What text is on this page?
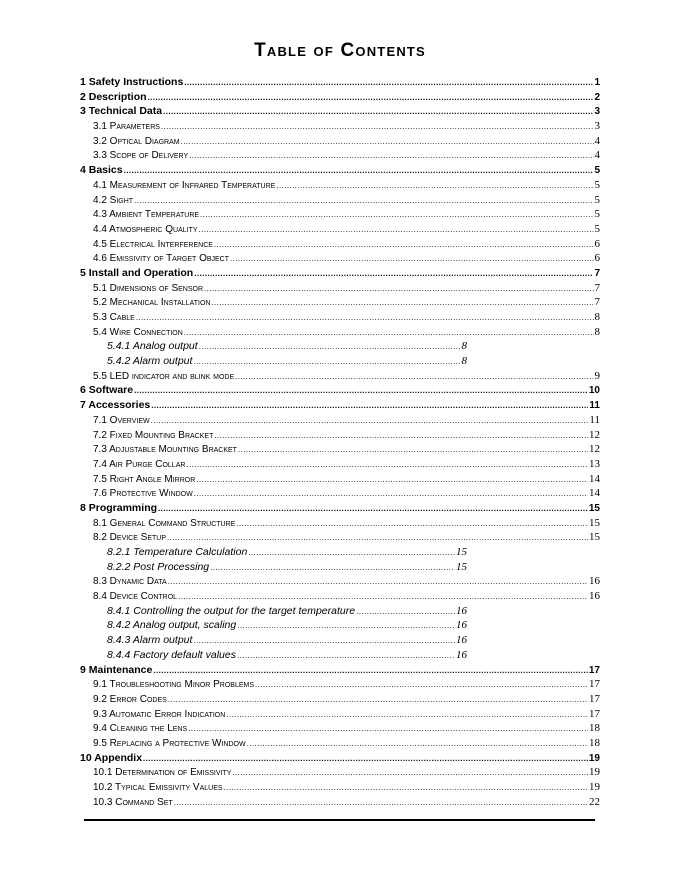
Table of Contents
1 Safety Instructions .....	1
2 Description .....	2
3 Technical Data .....	3
3.1 Parameters .....	3
3.2 Optical Diagram .....	4
3.3 Scope of Delivery .....	4
4 Basics .....	5
4.1 Measurement of Infrared Temperature .....	5
4.2 Sight .....	5
4.3 Ambient Temperature .....	5
4.4 Atmospheric Quality .....	5
4.5 Electrical Interference .....	6
4.6 Emissivity of Target Object .....	6
5 Install and Operation .....	7
5.1 Dimensions of Sensor .....	7
5.2 Mechanical Installation .....	7
5.3 Cable .....	8
5.4 Wire Connection .....	8
5.4.1 Analog output .....	8
5.4.2 Alarm output .....	8
5.5 LED indicator and blink mode .....	9
6 Software .....	10
7 Accessories .....	11
7.1 Overview .....	11
7.2 Fixed Mounting Bracket .....	12
7.3 Adjustable Mounting Bracket .....	12
7.4 Air Purge Collar .....	13
7.5 Right Angle Mirror .....	14
7.6 Protective Window .....	14
8 Programming .....	15
8.1 General Command Structure .....	15
8.2 Device Setup .....	15
8.2.1 Temperature Calculation .....	15
8.2.2 Post Processing .....	15
8.3 Dynamic Data .....	16
8.4 Device Control .....	16
8.4.1 Controlling the output for the target temperature .....	16
8.4.2 Analog output, scaling .....	16
8.4.3 Alarm output .....	16
8.4.4 Factory default values .....	16
9 Maintenance .....	17
9.1 Troubleshooting Minor Problems .....	17
9.2 Error Codes .....	17
9.3 Automatic Error Indication .....	17
9.4 Cleaning the Lens .....	18
9.5 Replacing a Protective Window .....	18
10 Appendix .....	19
10.1 Determination of Emissivity .....	19
10.2 Typical Emissivity Values .....	19
10.3 Command Set .....	22
